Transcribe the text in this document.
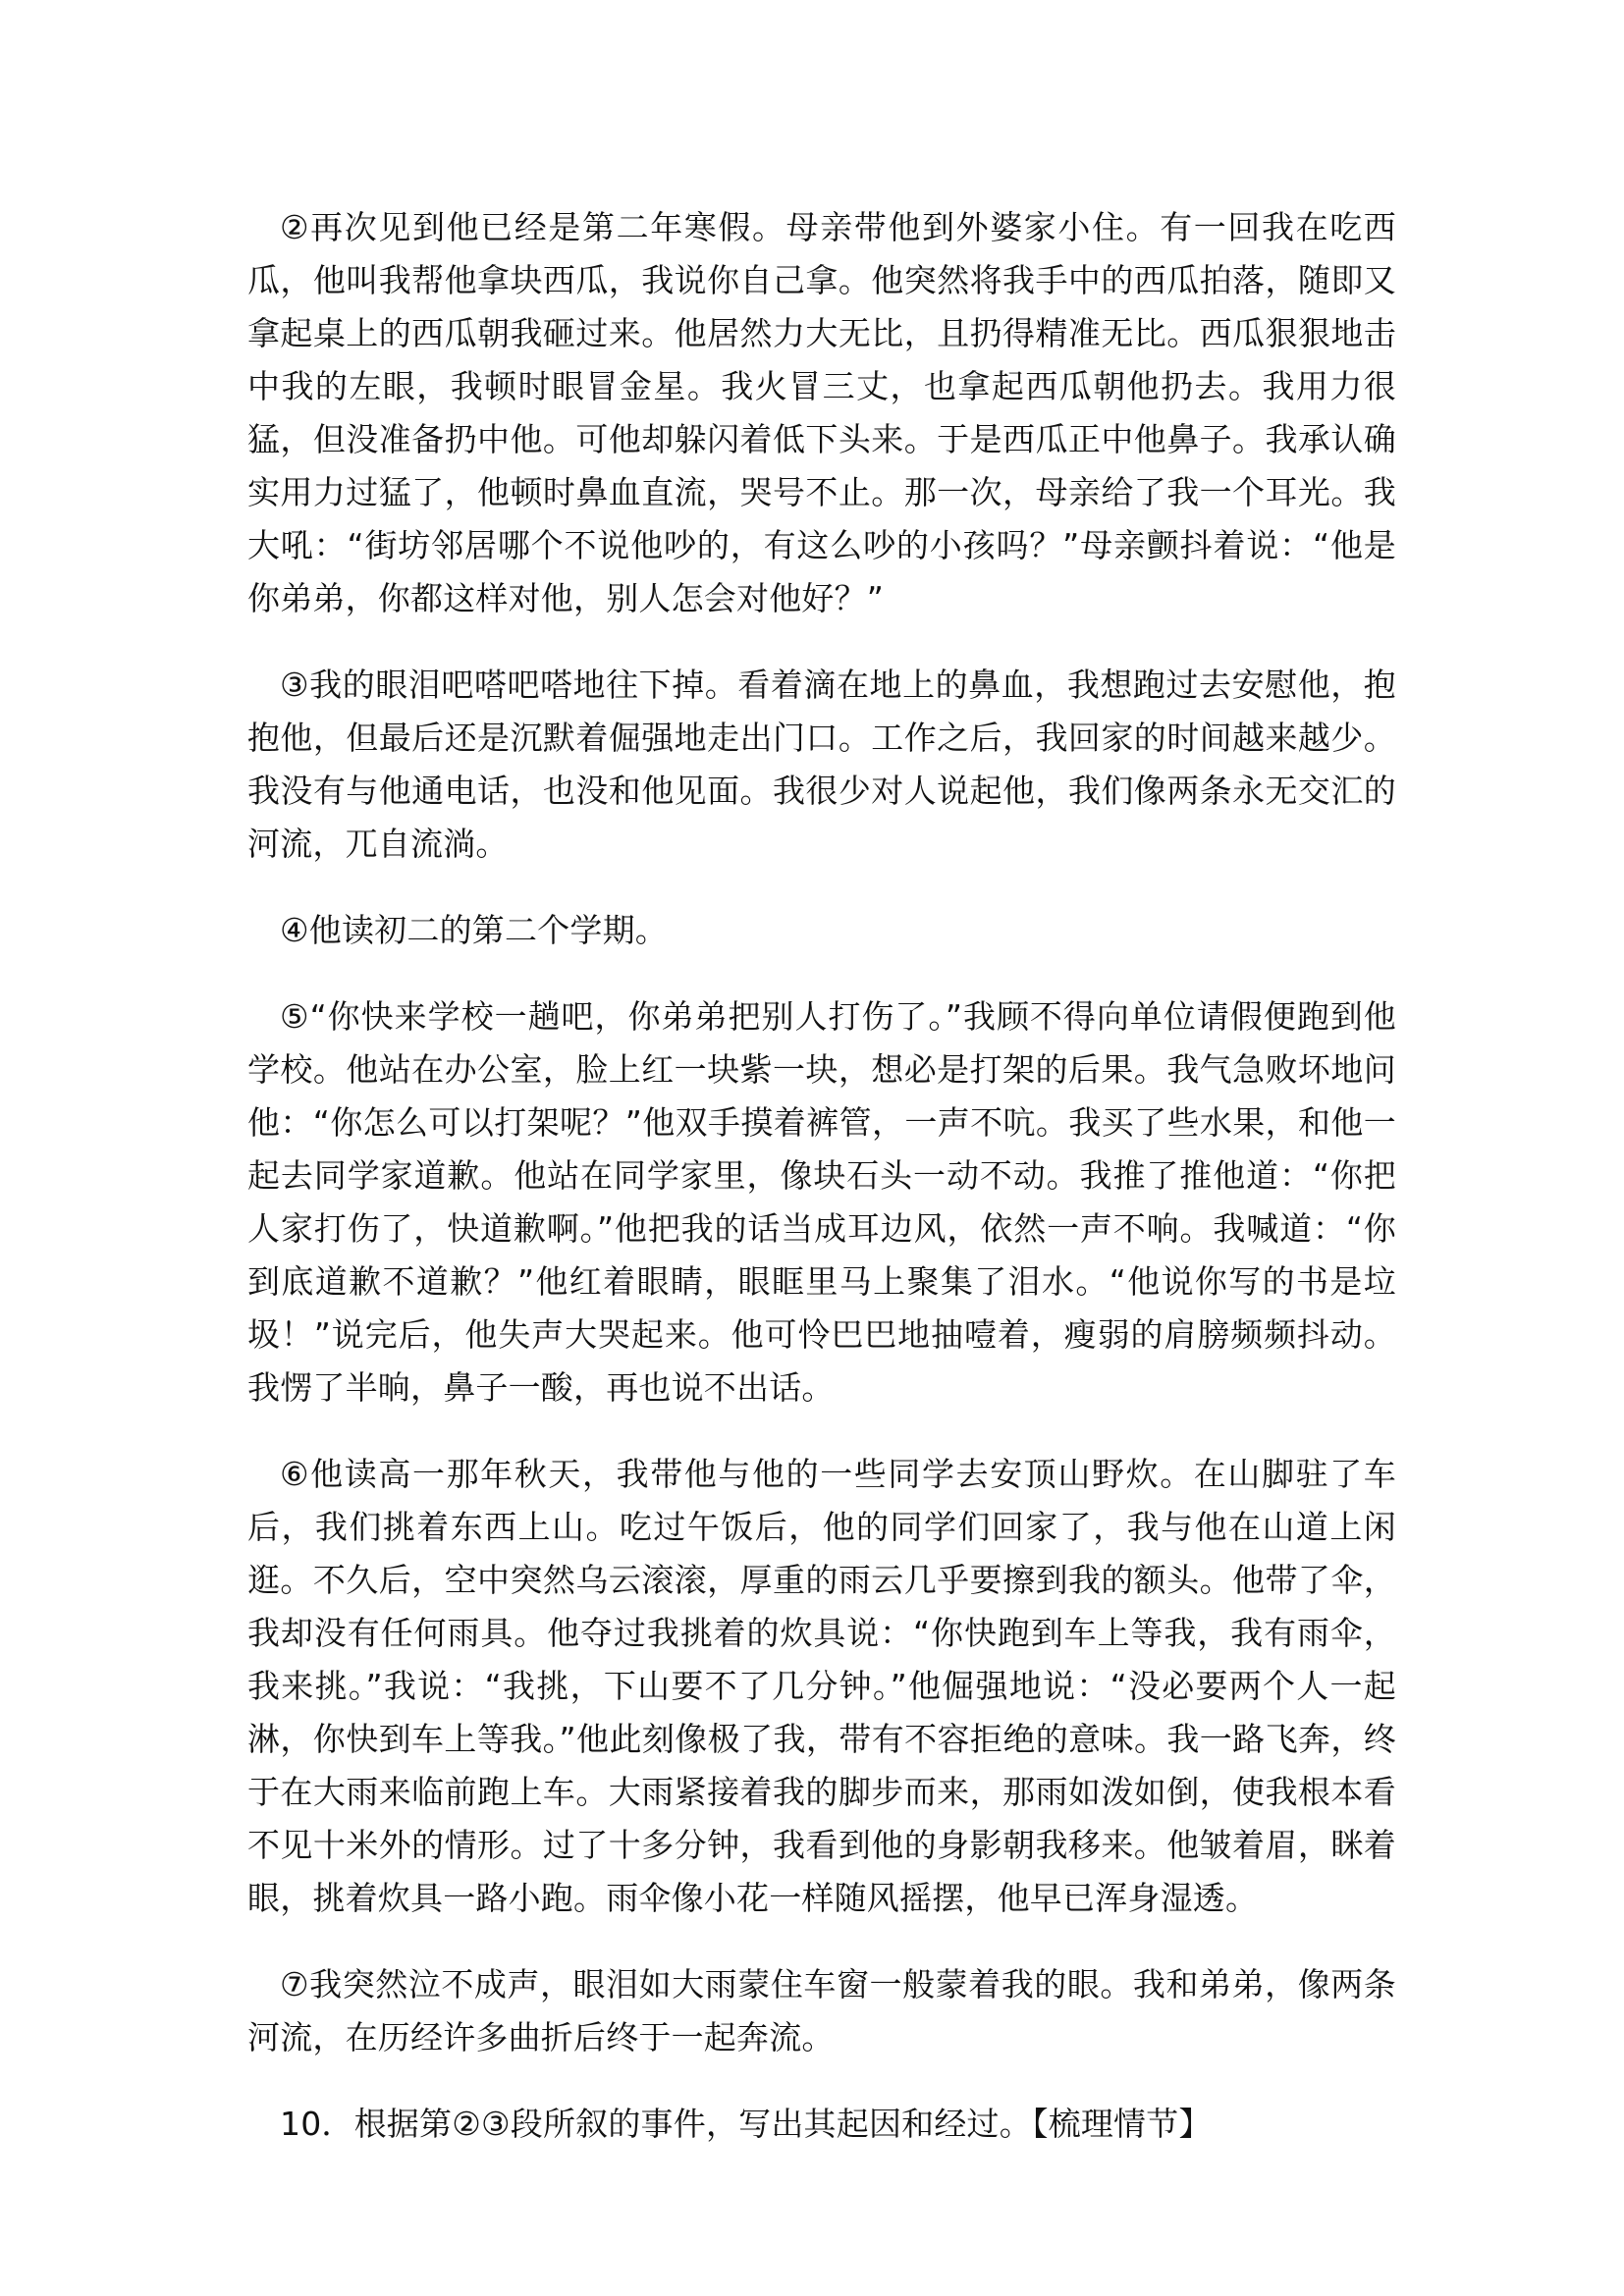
②再次见到他已经是第二年寒假。母亲带他到外婆家小住。有一回我在吃西瓜，他叫我帮他拿块西瓜，我说你自己拿。他突然将我手中的西瓜拍落，随即又拿起桌上的西瓜朝我砸过来。他居然力大无比，且扔得精准无比。西瓜狠狠地击中我的左眼，我顿时眼冒金星。我火冒三丈，也拿起西瓜朝他扔去。我用力很猛，但没准备扔中他。可他却躲闪着低下头来。于是西瓜正中他鼻子。我承认确实用力过猛了，他顿时鼻血直流，哭号不止。那一次，母亲给了我一个耳光。我大吼：“街坊邻居哪个不说他吵的，有这么吵的小孩吗？”母亲颤抖着说：“他是你弟弟，你都这样对他，别人怎会对他好？”

③我的眼泪吧嗒吧嗒地往下掉。看着滴在地上的鼻血，我想跑过去安慰他，抱抱他，但最后还是沉默着倔强地走出门口。工作之后，我回家的时间越来越少。我没有与他通电话，也没和他见面。我很少对人说起他，我们像两条永无交汇的河流，兀自流淌。

④他读初二的第二个学期。

⑤“你快来学校一趟吧，你弟弟把别人打伤了。”我顾不得向单位请假便跑到他学校。他站在办公室，脸上红一块紫一块，想必是打架的后果。我气急败坏地问他：“你怎么可以打架呢？”他双手摸着裤管，一声不吭。我买了些水果，和他一起去同学家道歉。他站在同学家里，像块石头一动不动。我推了推他道：“你把人家打伤了，快道歉啊。”他把我的话当成耳边风，依然一声不响。我喊道：“你到底道歉不道歉？”他红着眼睛，眼眶里马上聚集了泪水。“他说你写的书是垃圾！”说完后，他失声大哭起来。他可怜巴巴地抽噎着，瘦弱的肩膀频频抖动。我愣了半晌，鼻子一酸，再也说不出话。

⑥他读高一那年秋天，我带他与他的一些同学去安顶山野炊。在山脚驻了车后，我们挑着东西上山。吃过午饭后，他的同学们回家了，我与他在山道上闲逛。不久后，空中突然乌云滚滚，厚重的雨云几乎要擦到我的额头。他带了伞，我却没有任何雨具。他夺过我挑着的炊具说：“你快跑到车上等我，我有雨伞，我来挑。”我说：“我挑，下山要不了几分钟。”他倔强地说：“没必要两个人一起淋，你快到车上等我。”他此刻像极了我，带有不容拒绝的意味。我一路飞奔，终于在大雨来临前跑上车。大雨紧接着我的脚步而来，那雨如泼如倒，使我根本看不见十米外的情形。过了十多分钟，我看到他的身影朝我移来。他皱着眉，眯着眼，挑着炊具一路小跑。雨伞像小花一样随风摇摆，他早已浑身湿透。

⑦我突然泣不成声，眼泪如大雨蒙住车窗一般蒙着我的眼。我和弟弟，像两条河流，在历经许多曲折后终于一起奔流。

10．根据第②③段所叙的事件，写出其起因和经过。【梳理情节】
